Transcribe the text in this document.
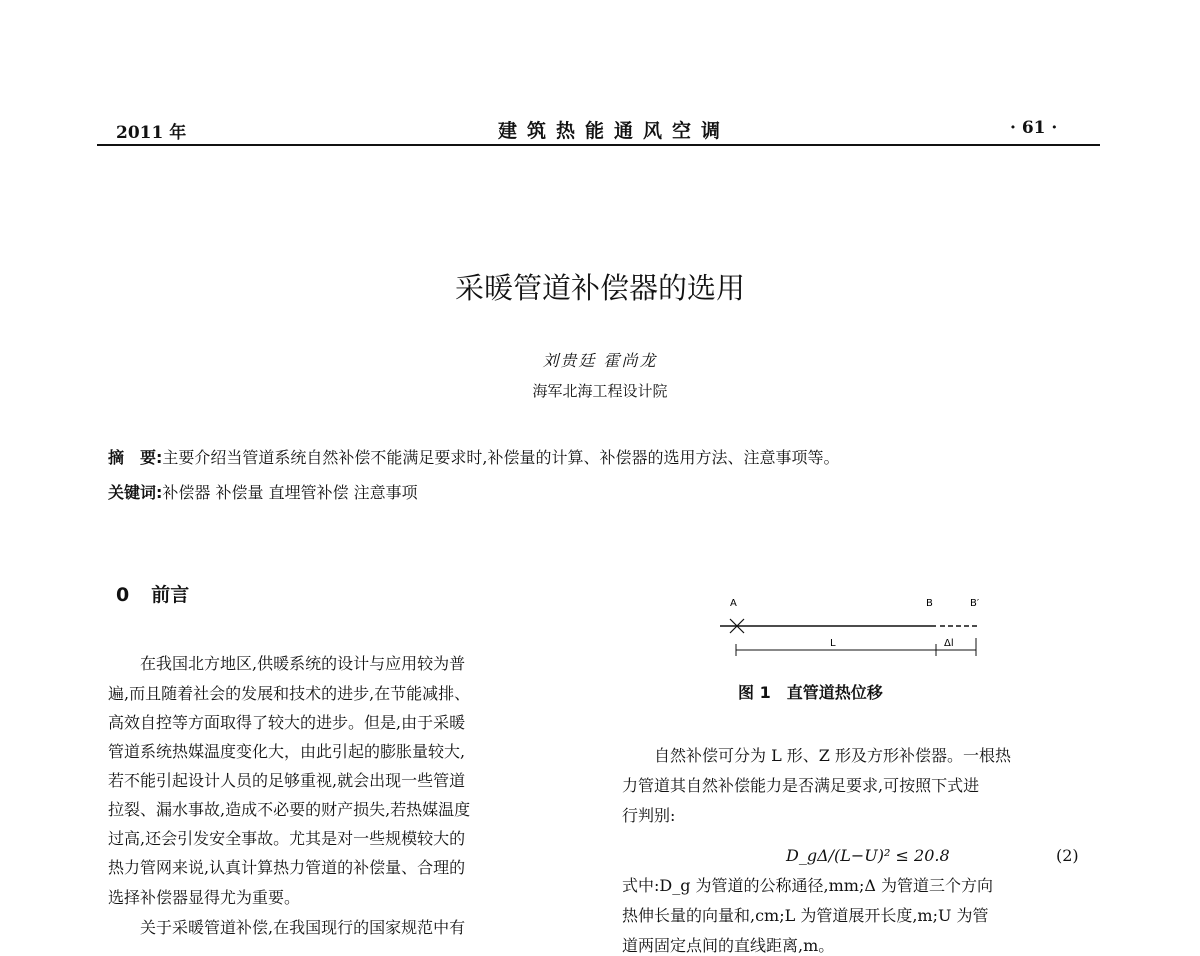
2011 年	建筑热能通风空调	· 61 ·
采暖管道补偿器的选用
刘贵廷 霍尚龙
海军北海工程设计院
摘　要:主要介绍当管道系统自然补偿不能满足要求时,补偿量的计算、补偿器的选用方法、注意事项等。
关键词:补偿器 补偿量 直埋管补偿 注意事项
0 前言
　　在我国北方地区,供暖系统的设计与应用较为普
遍,而且随着社会的发展和技术的进步,在节能减排、
高效自控等方面取得了较大的进步。但是,由于采暖
管道系统热媒温度变化大，由此引起的膨胀量较大,
若不能引起设计人员的足够重视,就会出现一些管道
拉裂、漏水事故,造成不必要的财产损失,若热媒温度
过高,还会引发安全事故。尤其是对一些规模较大的
热力管网来说,认真计算热力管道的补偿量、合理的
选择补偿器显得尤为重要。
　　关于采暖管道补偿,在我国现行的国家规范中有
A	B	B′
L	Δl
图 1　直管道热位移
　　自然补偿可分为 L 形、Z 形及方形补偿器。一根热
力管道其自然补偿能力是否满足要求,可按照下式进
行判别:
D_gΔ/(L−U)² ≤ 20.8	(2)
式中:D_g 为管道的公称通径,mm;Δ 为管道三个方向
热伸长量的向量和,cm;L 为管道展开长度,m;U 为管
道两固定点间的直线距离,m。
